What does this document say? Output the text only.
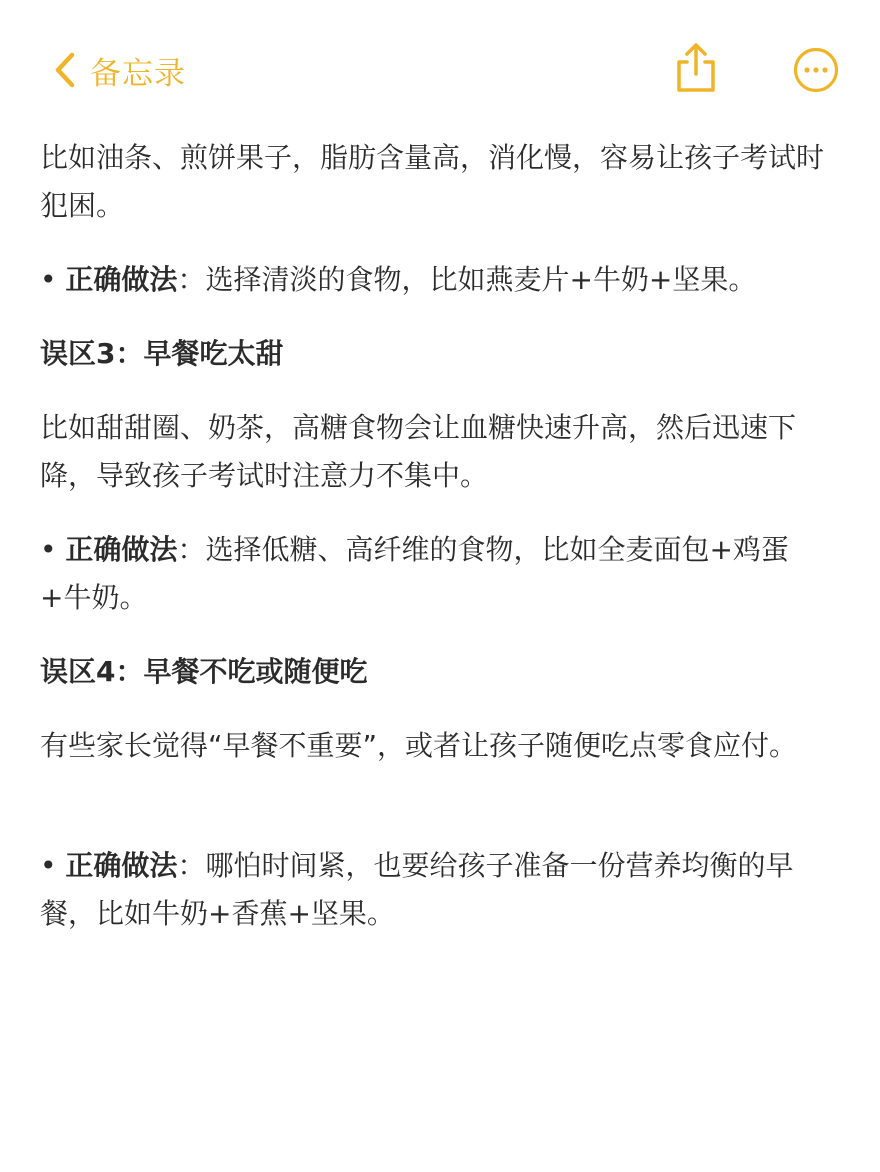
备忘录

比如油条、煎饼果子，脂肪含量高，消化慢，容易让孩子考试时犯困。

• 正确做法：选择清淡的食物，比如燕麦片+牛奶+坚果。

误区3：早餐吃太甜

比如甜甜圈、奶茶，高糖食物会让血糖快速升高，然后迅速下降，导致孩子考试时注意力不集中。

• 正确做法：选择低糖、高纤维的食物，比如全麦面包+鸡蛋+牛奶。

误区4：早餐不吃或随便吃

有些家长觉得“早餐不重要”，或者让孩子随便吃点零食应付。

• 正确做法：哪怕时间紧，也要给孩子准备一份营养均衡的早餐，比如牛奶+香蕉+坚果。
